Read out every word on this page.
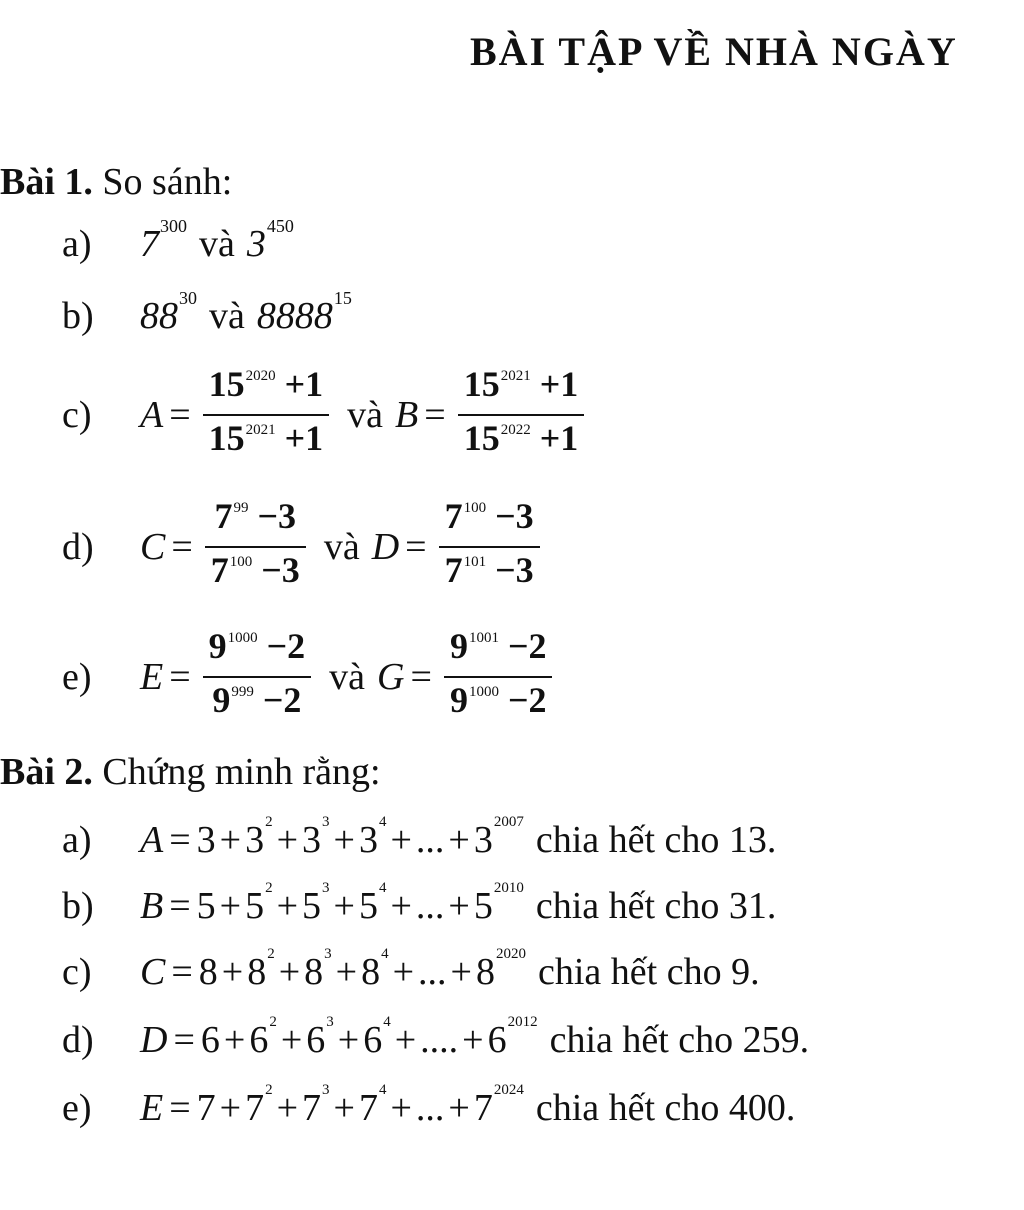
BÀI TẬP VỀ NHÀ NGÀY
Bài 1. So sánh:
a)	7 300 và 3 450
b)	88 30 và 8888 15
c)	$A = \frac{15^{2020} +1}{15^{2021} +1}$ và $B = \frac{15^{2021} +1}{15^{2022} +1}$
d)	$C = \frac{7^{99} -3}{7^{100} -3}$ và $D = \frac{7^{100} -3}{7^{101} -3}$
e)	$E = \frac{9^{1000} -2}{9^{999} -2}$ và $G = \frac{9^{1001} -2}{9^{1000} -2}$
Bài 2. Chứng minh rằng:
a)	A = 3 + 3 2 + 3 3 + 3 4 + ... + 3 2007 chia hết cho 13.
b)	B = 5 + 5 2 + 5 3 + 5 4 + ... + 5 2010 chia hết cho 31.
c)	C = 8 + 8 2 + 8 3 + 8 4 + ... + 8 2020 chia hết cho 9.
d)	D = 6 + 6 2 + 6 3 + 6 4 + .... + 6 2012 chia hết cho 259.
e)	E = 7 + 7 2 + 7 3 + 7 4 + ... + 7 2024 chia hết cho 400.
